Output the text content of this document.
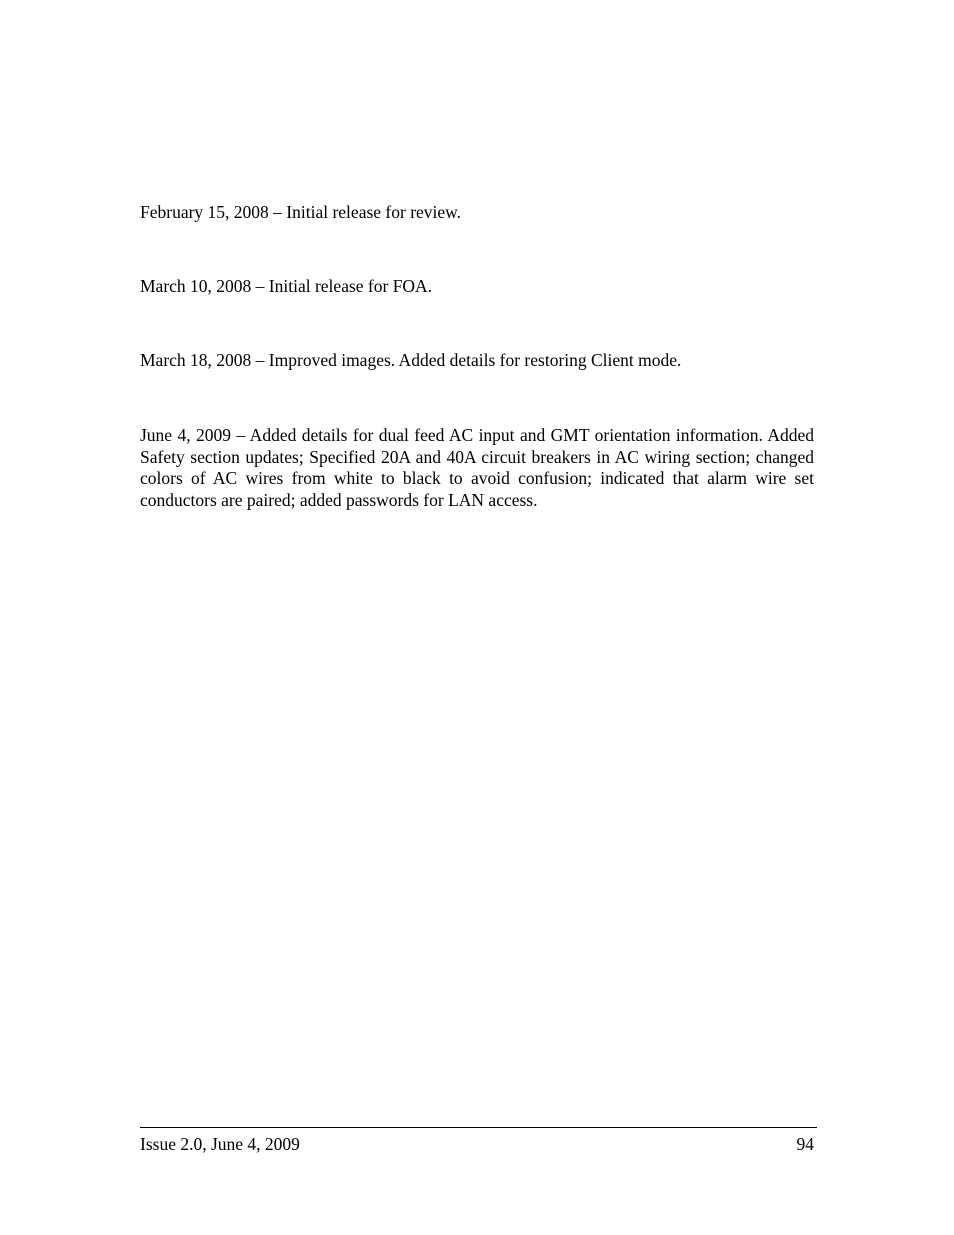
February 15, 2008 – Initial release for review.

March 10, 2008 – Initial release for FOA.

March 18, 2008 – Improved images. Added details for restoring Client mode.

June 4, 2009 – Added details for dual feed AC input and GMT orientation information. Added Safety section updates; Specified 20A and 40A circuit breakers in AC wiring section; changed colors of AC wires from white to black to avoid confusion; indicated that alarm wire set conductors are paired; added passwords for LAN access.

Issue 2.0, June 4, 2009	94
